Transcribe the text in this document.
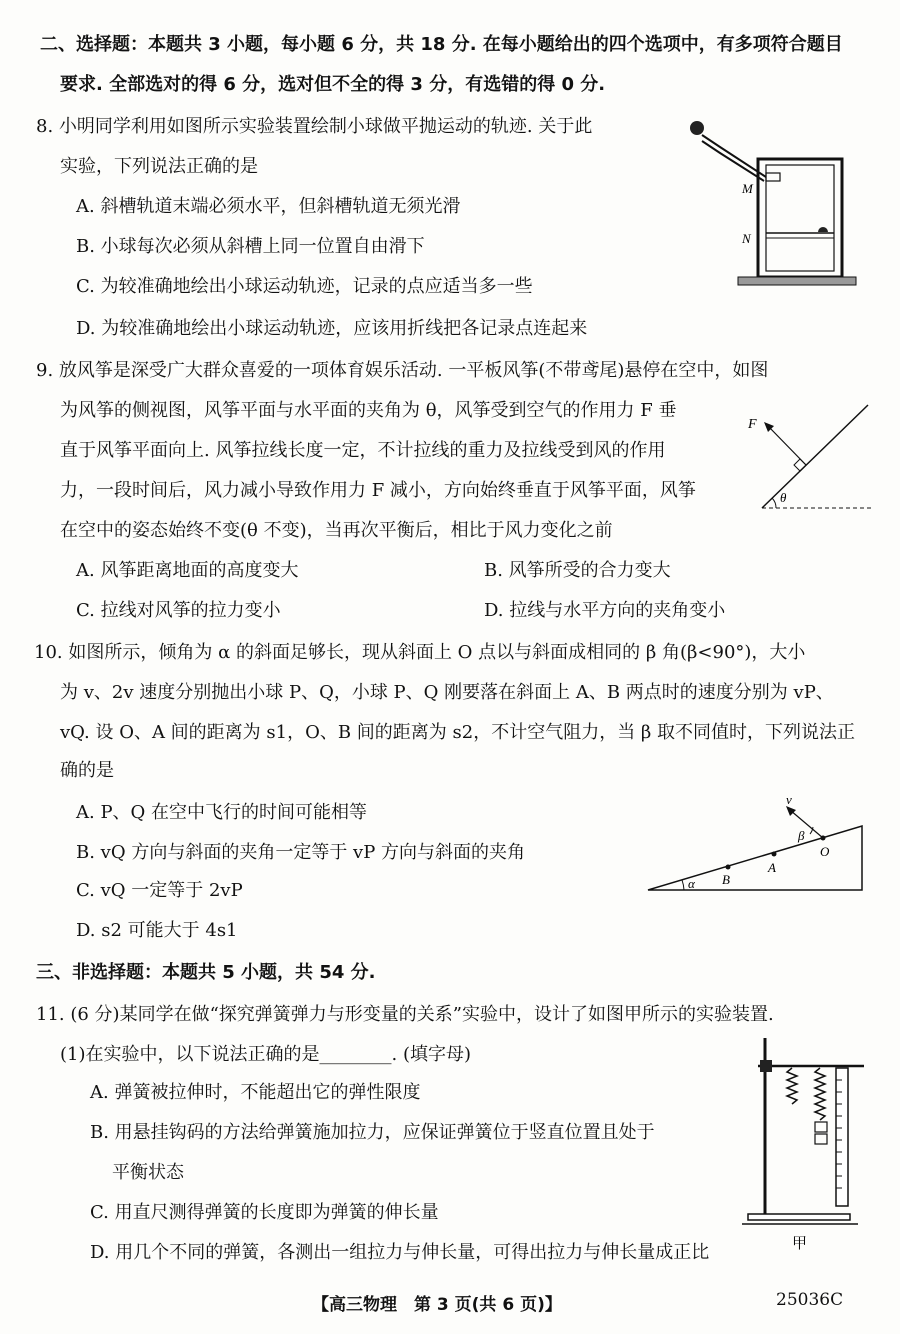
二、选择题：本题共 3 小题，每小题 6 分，共 18 分. 在每小题给出的四个选项中，有多项符合题目
要求. 全部选对的得 6 分，选对但不全的得 3 分，有选错的得 0 分.
8. 小明同学利用如图所示实验装置绘制小球做平抛运动的轨迹. 关于此
实验，下列说法正确的是
A. 斜槽轨道末端必须水平，但斜槽轨道无须光滑
B. 小球每次必须从斜槽上同一位置自由滑下
C. 为较准确地绘出小球运动轨迹，记录的点应适当多一些
D. 为较准确地绘出小球运动轨迹，应该用折线把各记录点连起来
M
N
9. 放风筝是深受广大群众喜爱的一项体育娱乐活动. 一平板风筝(不带鸢尾)悬停在空中，如图
为风筝的侧视图，风筝平面与水平面的夹角为 θ，风筝受到空气的作用力 F 垂
直于风筝平面向上. 风筝拉线长度一定，不计拉线的重力及拉线受到风的作用
力，一段时间后，风力减小导致作用力 F 减小，方向始终垂直于风筝平面，风筝
在空中的姿态始终不变(θ 不变)，当再次平衡后，相比于风力变化之前
A. 风筝距离地面的高度变大	B. 风筝所受的合力变大
C. 拉线对风筝的拉力变小	D. 拉线与水平方向的夹角变小
F
θ
10. 如图所示，倾角为 α 的斜面足够长，现从斜面上 O 点以与斜面成相同的 β 角(β<90°)，大小
为 v、2v 速度分别抛出小球 P、Q，小球 P、Q 刚要落在斜面上 A、B 两点时的速度分别为 vP、
vQ. 设 O、A 间的距离为 s1，O、B 间的距离为 s2，不计空气阻力，当 β 取不同值时，下列说法正
确的是
A. P、Q 在空中飞行的时间可能相等
B. vQ 方向与斜面的夹角一定等于 vP 方向与斜面的夹角
C. vQ 一定等于 2vP
D. s2 可能大于 4s1
v
β
O
A
B
α
三、非选择题：本题共 5 小题，共 54 分.
11. (6 分)某同学在做“探究弹簧弹力与形变量的关系”实验中，设计了如图甲所示的实验装置.
(1)在实验中，以下说法正确的是________. (填字母)
A. 弹簧被拉伸时，不能超出它的弹性限度
B. 用悬挂钩码的方法给弹簧施加拉力，应保证弹簧位于竖直位置且处于
平衡状态
C. 用直尺测得弹簧的长度即为弹簧的伸长量
D. 用几个不同的弹簧，各测出一组拉力与伸长量，可得出拉力与伸长量成正比	甲
【高三物理　第 3 页(共 6 页)】	25036C
